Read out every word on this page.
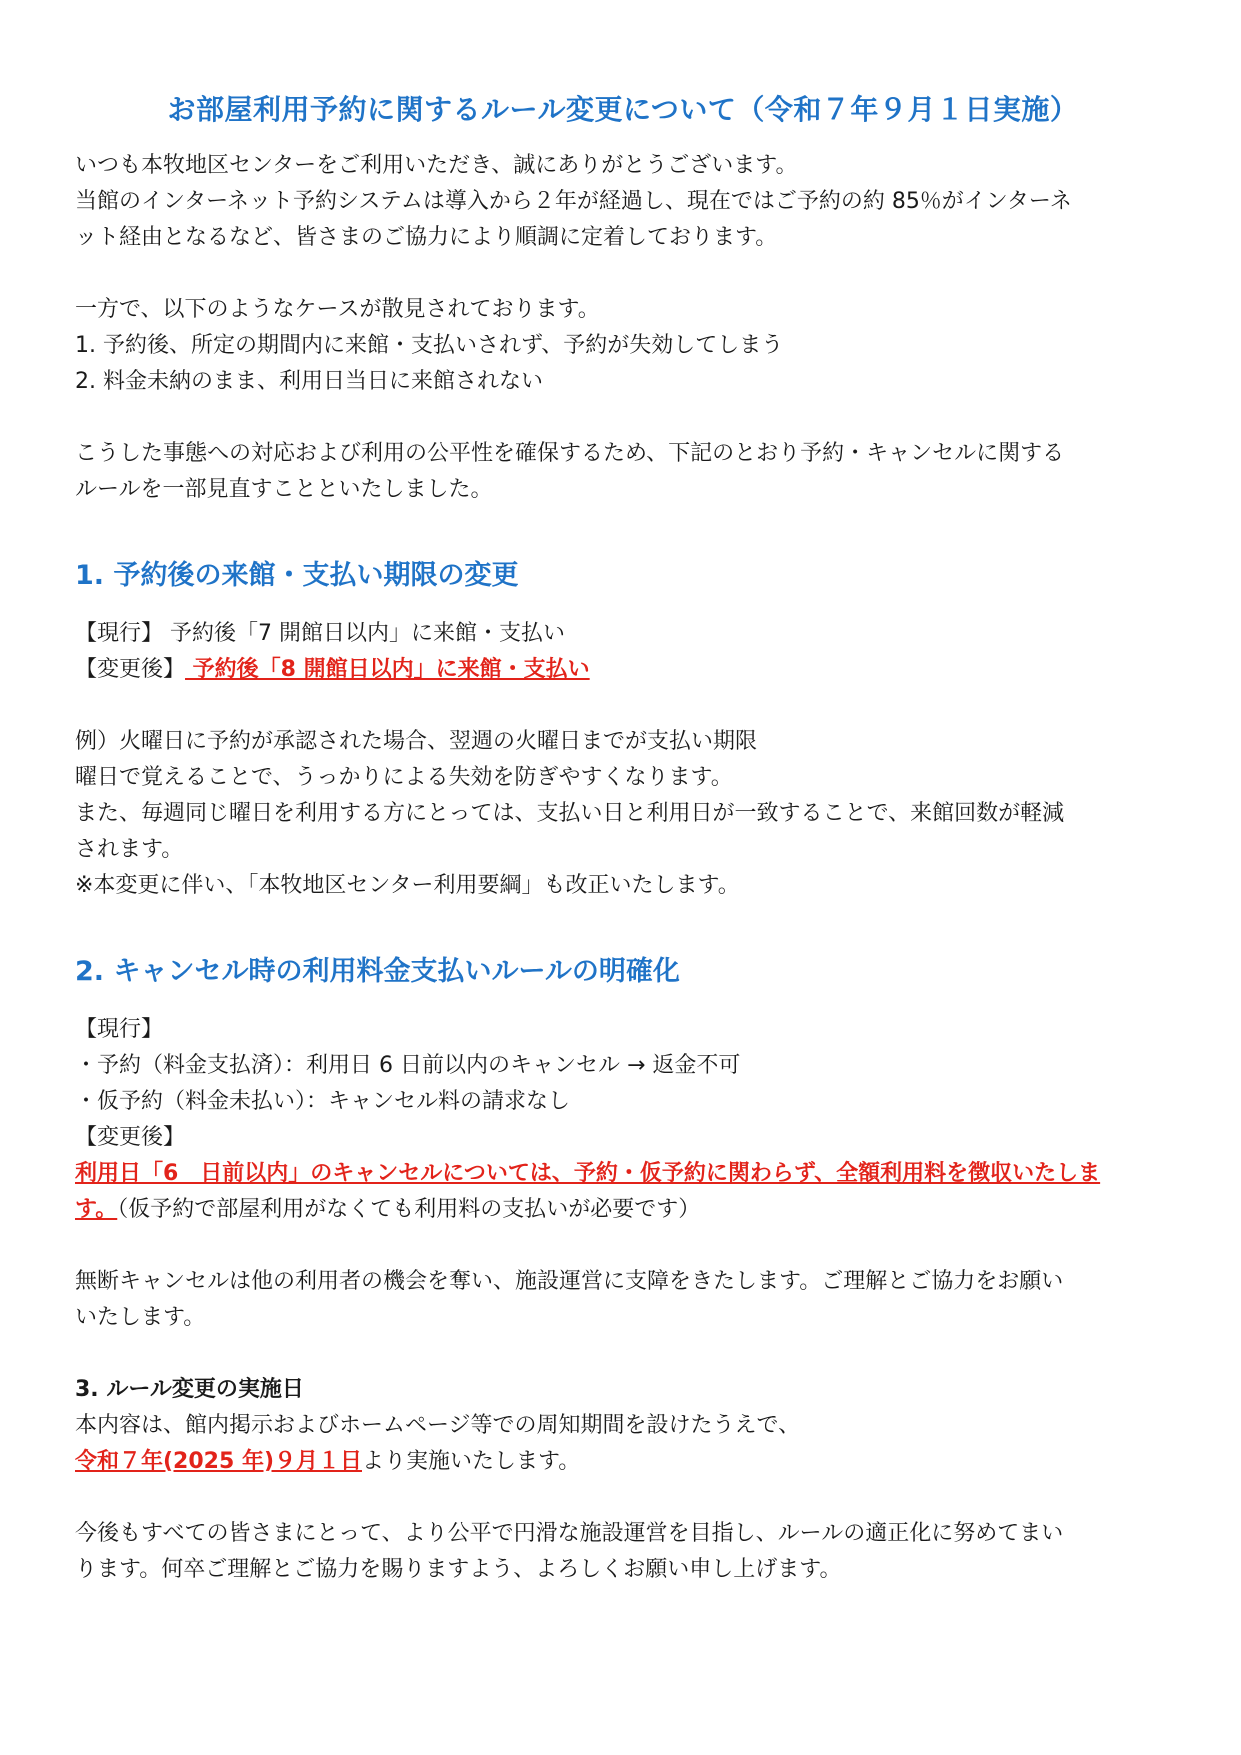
お部屋利用予約に関するルール変更について（令和７年９月１日実施）

いつも本牧地区センターをご利用いただき、誠にありがとうございます。

当館のインターネット予約システムは導入から２年が経過し、現在ではご予約の約 85％がインターネ

ット経由となるなど、皆さまのご協力により順調に定着しております。

一方で、以下のようなケースが散見されております。

1. 予約後、所定の期間内に来館・支払いされず、予約が失効してしまう

2. 料金未納のまま、利用日当日に来館されない

こうした事態への対応および利用の公平性を確保するため、下記のとおり予約・キャンセルに関する

ルールを一部見直すことといたしました。

1. 予約後の来館・支払い期限の変更

【現行】 予約後「7 開館日以内」に来館・支払い

【変更後】 予約後「8 開館日以内」に来館・支払い

例）火曜日に予約が承認された場合、翌週の火曜日までが支払い期限

曜日で覚えることで、うっかりによる失効を防ぎやすくなります。

また、毎週同じ曜日を利用する方にとっては、支払い日と利用日が一致することで、来館回数が軽減

されます。

※本変更に伴い、「本牧地区センター利用要綱」も改正いたします。

2. キャンセル時の利用料金支払いルールの明確化

【現行】

・予約（料金支払済）：利用日 6 日前以内のキャンセル → 返金不可

・仮予約（料金未払い）：キャンセル料の請求なし

【変更後】

利用日「6　日前以内」のキャンセルについては、予約・仮予約に関わらず、全額利用料を徴収いたしま

す。（仮予約で部屋利用がなくても利用料の支払いが必要です）

無断キャンセルは他の利用者の機会を奪い、施設運営に支障をきたします。ご理解とご協力をお願い

いたします。

3. ルール変更の実施日

本内容は、館内掲示およびホームページ等での周知期間を設けたうえで、

令和７年(2025 年)９月１日より実施いたします。

今後もすべての皆さまにとって、より公平で円滑な施設運営を目指し、ルールの適正化に努めてまい

ります。何卒ご理解とご協力を賜りますよう、よろしくお願い申し上げます。
